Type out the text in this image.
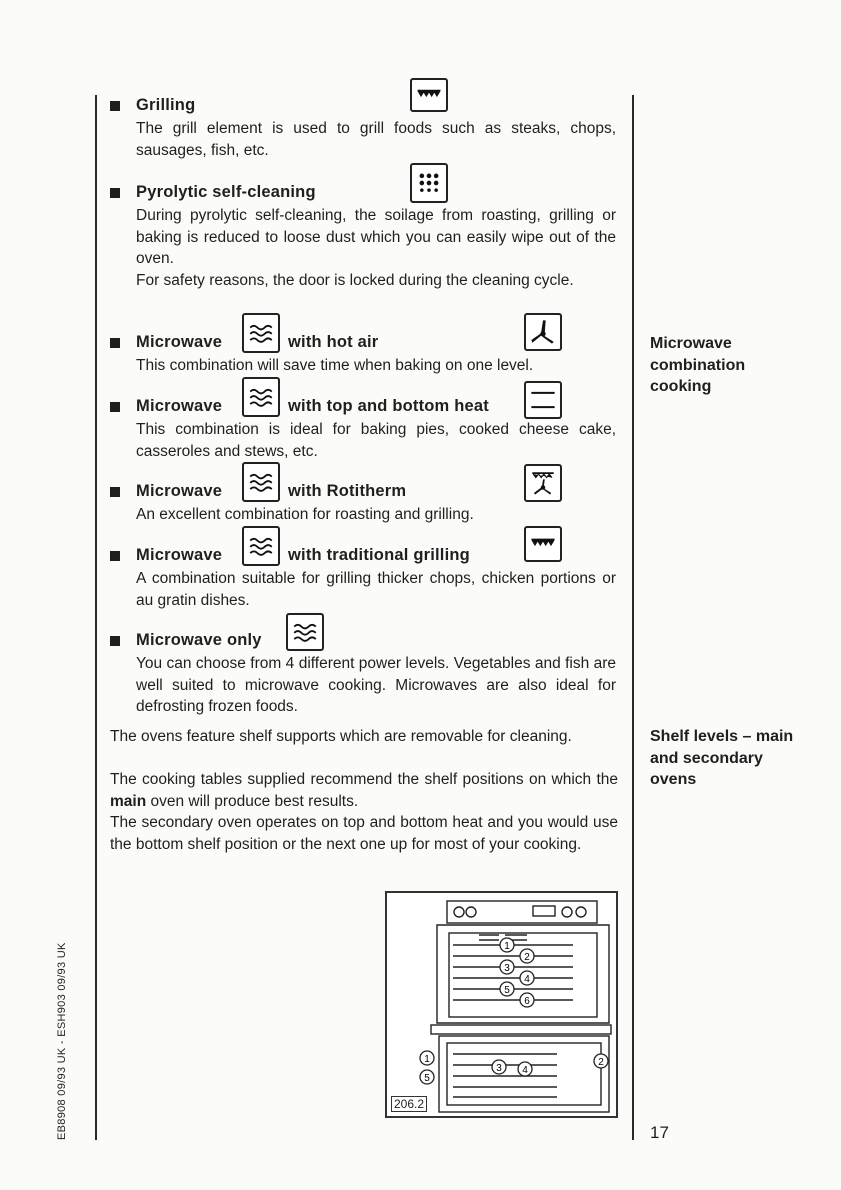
Grilling
The grill element is used to grill foods such as steaks, chops, sausages, fish, etc.
Pyrolytic self-cleaning
During pyrolytic self-cleaning, the soilage from roasting, grilling or baking is reduced to loose dust which you can easily wipe out of the oven.
For safety reasons, the door is locked during the cleaning cycle.
Microwave	with hot air
This combination will save time when baking on one level.
Microwave	with top and bottom heat
This combination is ideal for baking pies, cooked cheese cake, casseroles and stews, etc.
Microwave	with Rotitherm
An excellent combination for roasting and grilling.
Microwave	with traditional grilling
A combination suitable for grilling thicker chops, chicken portions or au gratin dishes.
Microwave only
You can choose from 4 different power levels. Vegetables and fish are well suited to microwave cooking. Microwaves are also ideal for defrosting frozen foods.
The ovens feature shelf supports which are removable for cleaning.
The cooking tables supplied recommend the shelf positions on which the main oven will produce best results.
The secondary oven operates on top and bottom heat and you would use the bottom shelf position or the next one up for most of your cooking.
Microwave combination cooking
Shelf levels – main and secondary ovens
1
2
3
4
5
6
1	2
3 4
5
206.2
EB8908 09/93 UK - ESH903 09/93 UK	17
